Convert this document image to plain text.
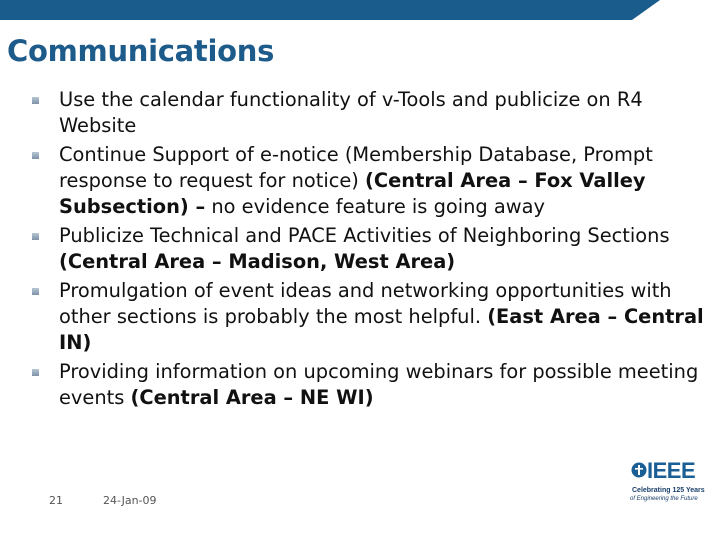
Communications
Use the calendar functionality of v-Tools and publicize on R4 Website
Continue Support of e-notice (Membership Database, Prompt response to request for notice) (Central Area – Fox Valley Subsection) – no evidence feature is going away
Publicize Technical and PACE Activities of Neighboring Sections (Central Area – Madison, West Area)
Promulgation of event ideas and networking opportunities with other sections is probably the most helpful. (East Area – Central IN)
Providing information on upcoming webinars for possible meeting events (Central Area – NE WI)
21	24-Jan-09
IEEE
Celebrating 125 Years
of Engineering the Future
